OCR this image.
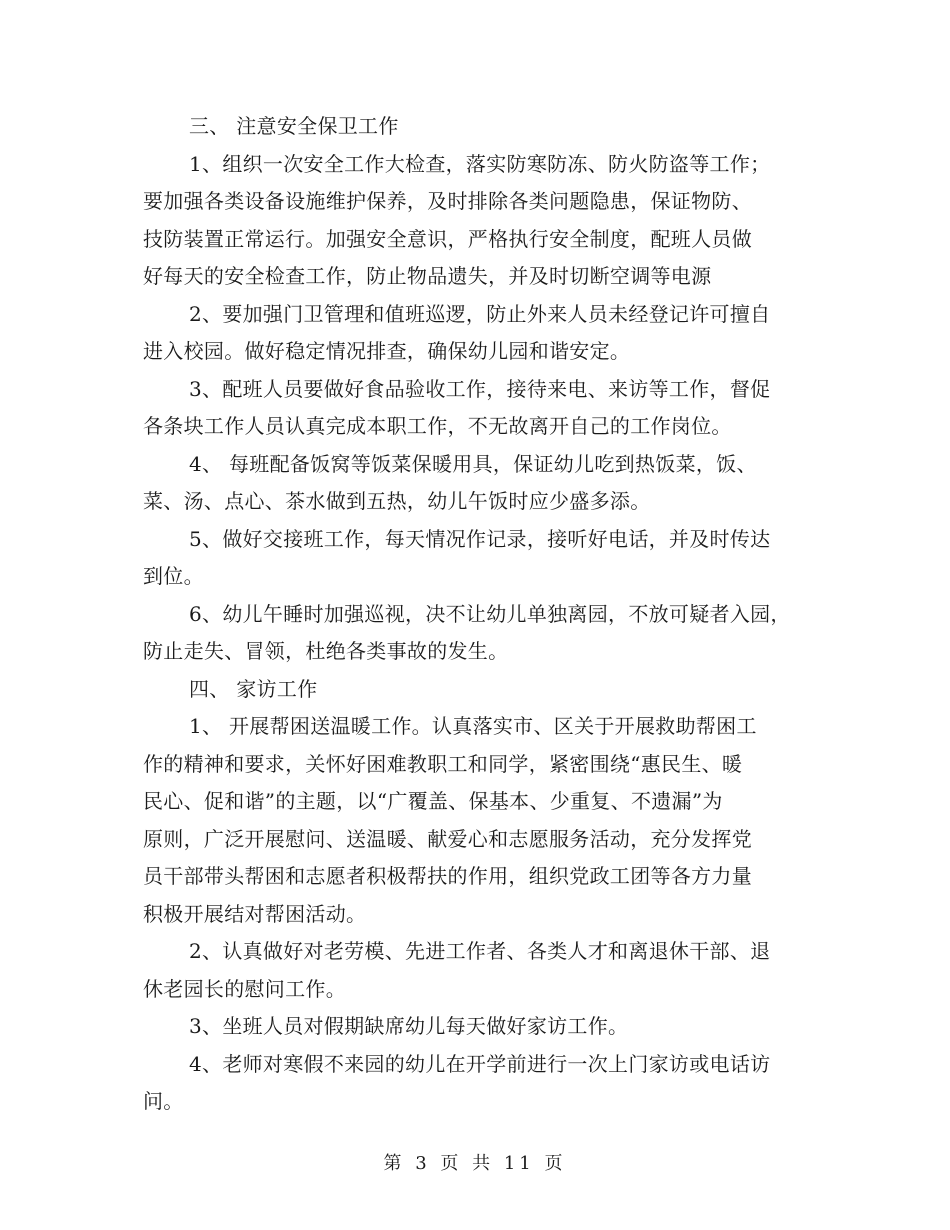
三、 注意安全保卫工作
1、组织一次安全工作大检查，落实防寒防冻、防火防盗等工作；
要加强各类设备设施维护保养，及时排除各类问题隐患，保证物防、
技防装置正常运行。加强安全意识，严格执行安全制度，配班人员做
好每天的安全检查工作，防止物品遗失，并及时切断空调等电源
2、要加强门卫管理和值班巡逻，防止外来人员未经登记许可擅自
进入校园。做好稳定情况排查，确保幼儿园和谐安定。
3、配班人员要做好食品验收工作，接待来电、来访等工作，督促
各条块工作人员认真完成本职工作，不无故离开自己的工作岗位。
4、 每班配备饭窝等饭菜保暖用具，保证幼儿吃到热饭菜，饭、
菜、汤、点心、茶水做到五热，幼儿午饭时应少盛多添。
5、做好交接班工作，每天情况作记录，接听好电话，并及时传达
到位。
6、幼儿午睡时加强巡视，决不让幼儿单独离园，不放可疑者入园，
防止走失、冒领，杜绝各类事故的发生。
四、 家访工作
1、 开展帮困送温暖工作。认真落实市、区关于开展救助帮困工
作的精神和要求，关怀好困难教职工和同学，紧密围绕“惠民生、暖
民心、促和谐”的主题，以“广覆盖、保基本、少重复、不遗漏”为
原则，广泛开展慰问、送温暖、献爱心和志愿服务活动，充分发挥党
员干部带头帮困和志愿者积极帮扶的作用，组织党政工团等各方力量
积极开展结对帮困活动。
2、认真做好对老劳模、先进工作者、各类人才和离退休干部、退
休老园长的慰问工作。
3、坐班人员对假期缺席幼儿每天做好家访工作。
4、老师对寒假不来园的幼儿在开学前进行一次上门家访或电话访
问。
第 3 页 共 11 页
